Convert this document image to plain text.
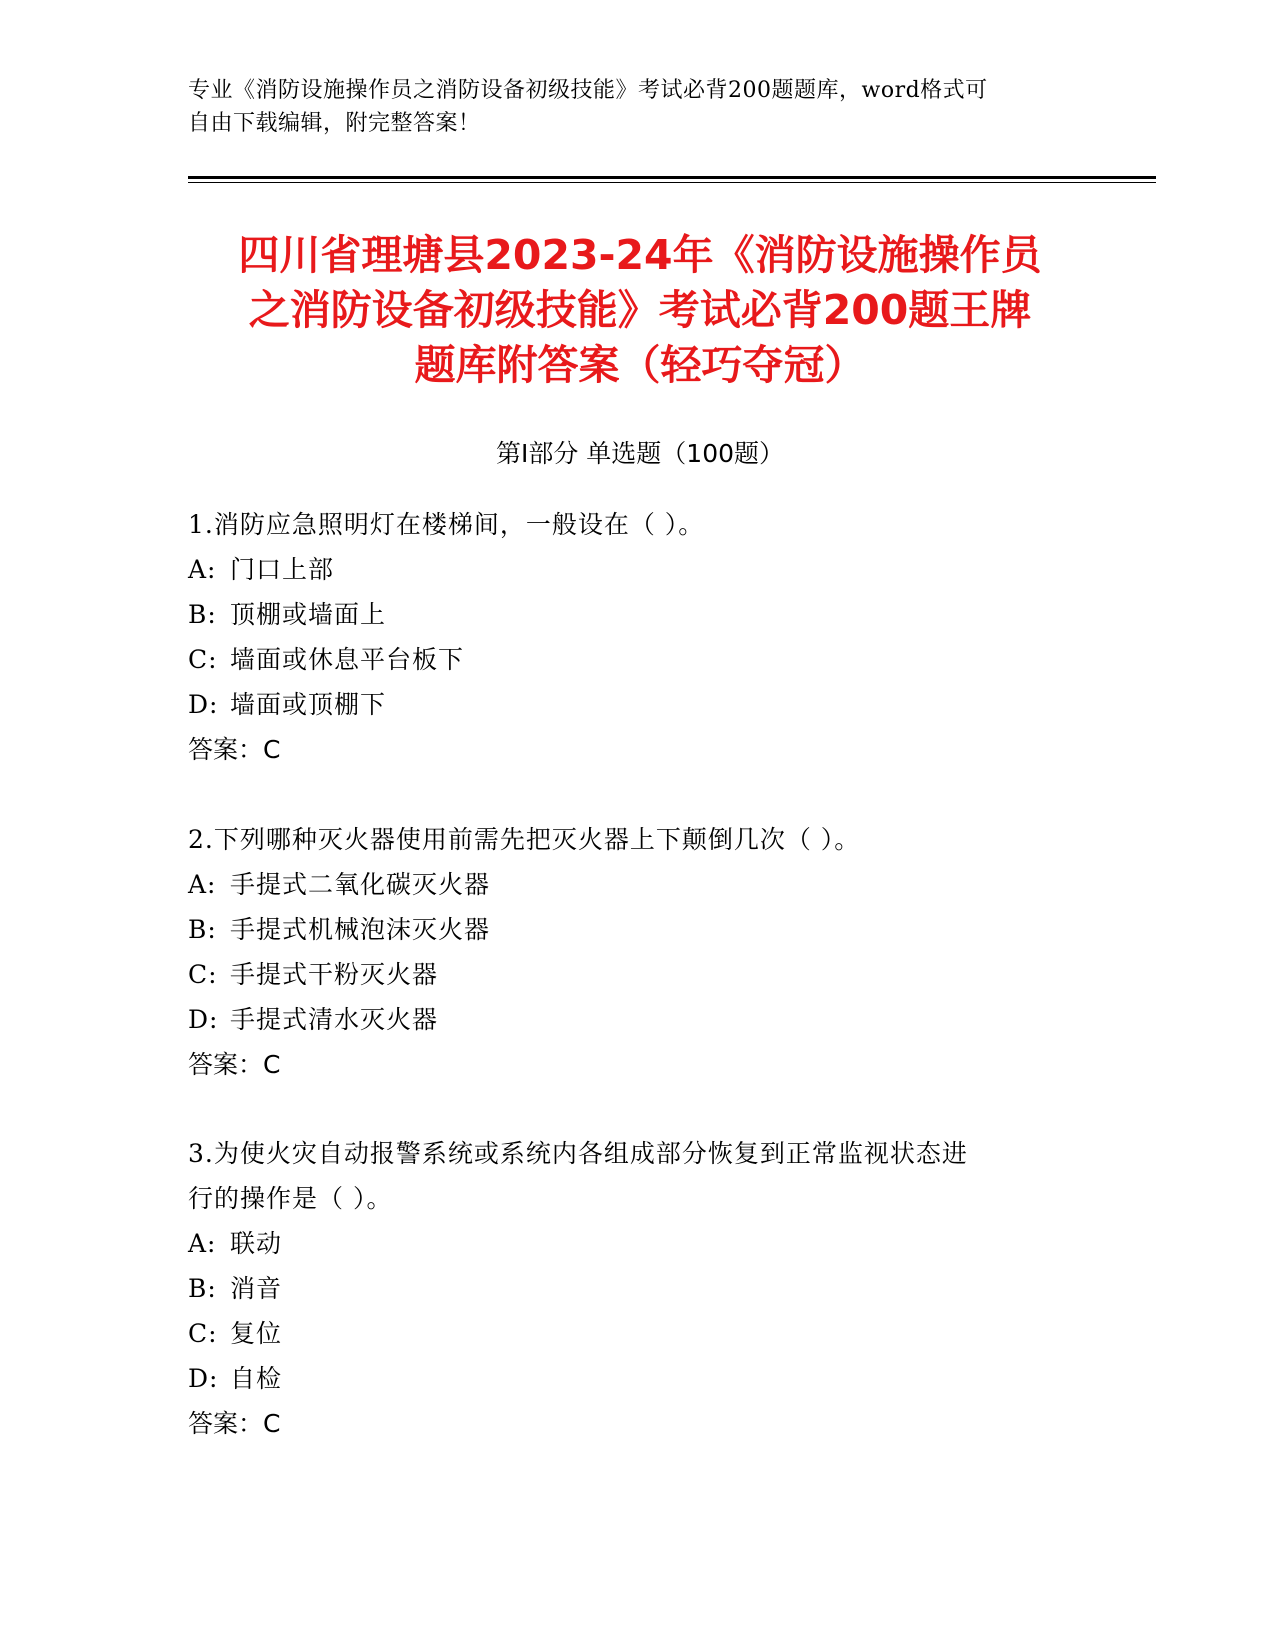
专业《消防设施操作员之消防设备初级技能》考试必背200题题库，word格式可
自由下载编辑，附完整答案！
四川省理塘县2023-24年《消防设施操作员
之消防设备初级技能》考试必背200题王牌
题库附答案（轻巧夺冠）
第Ⅰ部分 单选题（100题）
1.消防应急照明灯在楼梯间，一般设在（ ）。
A: 门口上部
B: 顶棚或墙面上
C: 墙面或休息平台板下
D: 墙面或顶棚下
答案：C
2.下列哪种灭火器使用前需先把灭火器上下颠倒几次（ ）。
A: 手提式二氧化碳灭火器
B: 手提式机械泡沫灭火器
C: 手提式干粉灭火器
D: 手提式清水灭火器
答案：C
3.为使火灾自动报警系统或系统内各组成部分恢复到正常监视状态进
行的操作是（ ）。
A: 联动
B: 消音
C: 复位
D: 自检
答案：C
